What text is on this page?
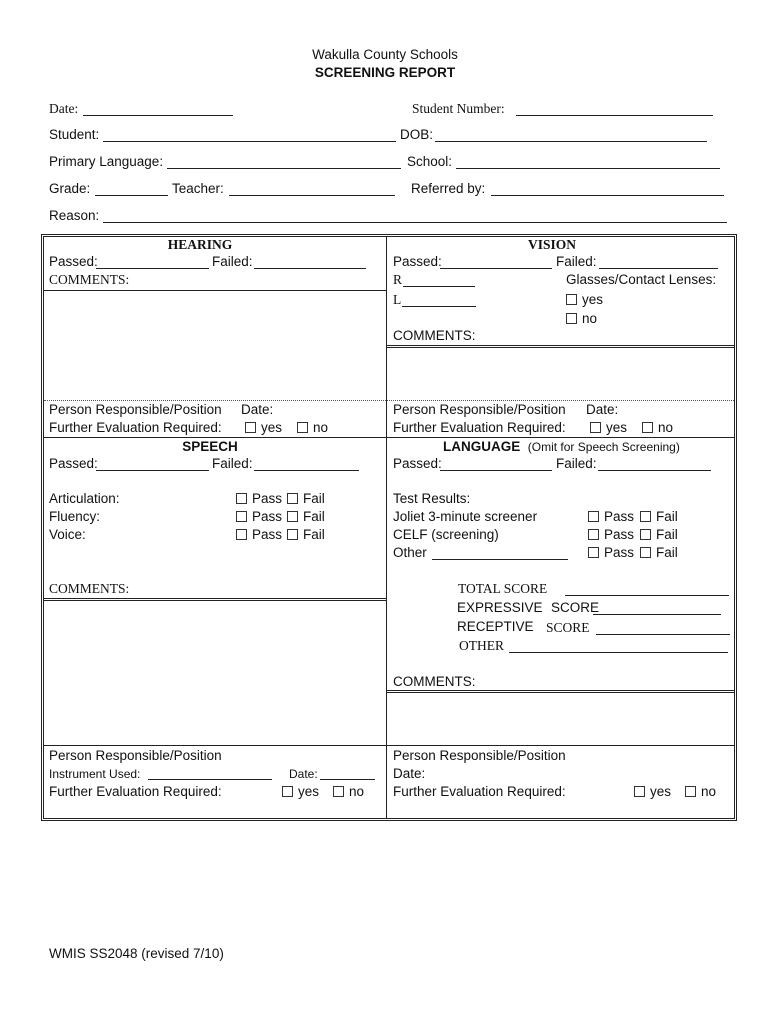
Wakulla County Schools
SCREENING REPORT
Date:	Student Number:
Student:	DOB:
Primary Language:	School:
Grade:	Teacher:	Referred by:
Reason:
HEARING
Passed:	Failed:
COMMENTS:
Person Responsible/Position Date:
Further Evaluation Required:	yes	no
VISION
Passed:	Failed:
R	Glasses/Contact Lenses:
L	yes
no
COMMENTS:
Person Responsible/Position Date:
Further Evaluation Required:	yes	no
SPEECH
Passed:	Failed:
Articulation:	Pass	Fail
Fluency:	Pass	Fail
Voice:	Pass	Fail
COMMENTS:
Person Responsible/Position
Instrument Used:	Date:
Further Evaluation Required:	yes	no
LANGUAGE (Omit for Speech Screening)
Passed:	Failed:
Test Results:
Joliet 3-minute screener	Pass	Fail
CELF (screening)	Pass	Fail
Other	Pass	Fail
TOTAL SCORE
EXPRESSIVE SCORE
RECEPTIVE SCORE
OTHER
COMMENTS:
Person Responsible/Position
Date:
Further Evaluation Required:	yes	no
WMIS SS2048 (revised 7/10)
